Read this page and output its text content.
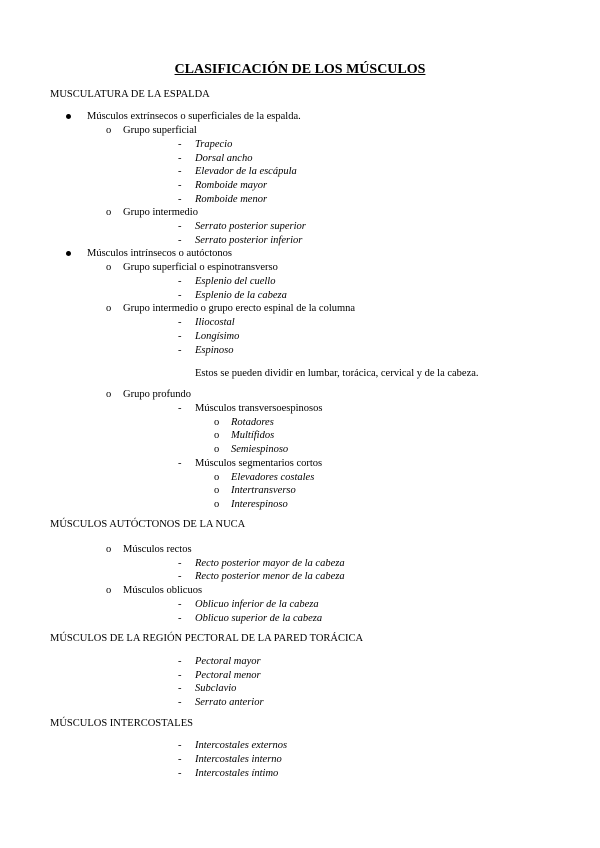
CLASIFICACIÓN DE LOS MÚSCULOS
MUSCULATURA DE LA ESPALDA
Músculos extrínsecos o superficiales de la espalda.
o Grupo superficial
- Trapecio
- Dorsal ancho
- Elevador de la escápula
- Romboide mayor
- Romboide menor
o Grupo intermedio
- Serrato posterior superior
- Serrato posterior inferior
Músculos intrínsecos o autóctonos
o Grupo superficial o espinotransverso
- Esplenio del cuello
- Esplenio de la cabeza
o Grupo intermedio o grupo erecto espinal de la columna
- Iliocostal
- Longísimo
- Espinoso
Estos se pueden dividir en lumbar, torácica, cervical y de la cabeza.
o Grupo profundo
- Músculos transversoespinosos
o Rotadores
o Multífidos
o Semiespinoso
- Músculos segmentarios cortos
o Elevadores costales
o Intertransverso
o Interespinoso
MÚSCULOS AUTÓCTONOS DE LA NUCA
o Músculos rectos
- Recto posterior mayor de la cabeza
- Recto posterior menor de la cabeza
o Músculos oblicuos
- Oblicuo inferior de la cabeza
- Oblicuo superior de la cabeza
MÚSCULOS DE LA REGIÓN PECTORAL DE LA PARED TORÁCICA
- Pectoral mayor
- Pectoral menor
- Subclavio
- Serrato anterior
MÚSCULOS INTERCOSTALES
- Intercostales externos
- Intercostales interno
- Intercostales íntimo
